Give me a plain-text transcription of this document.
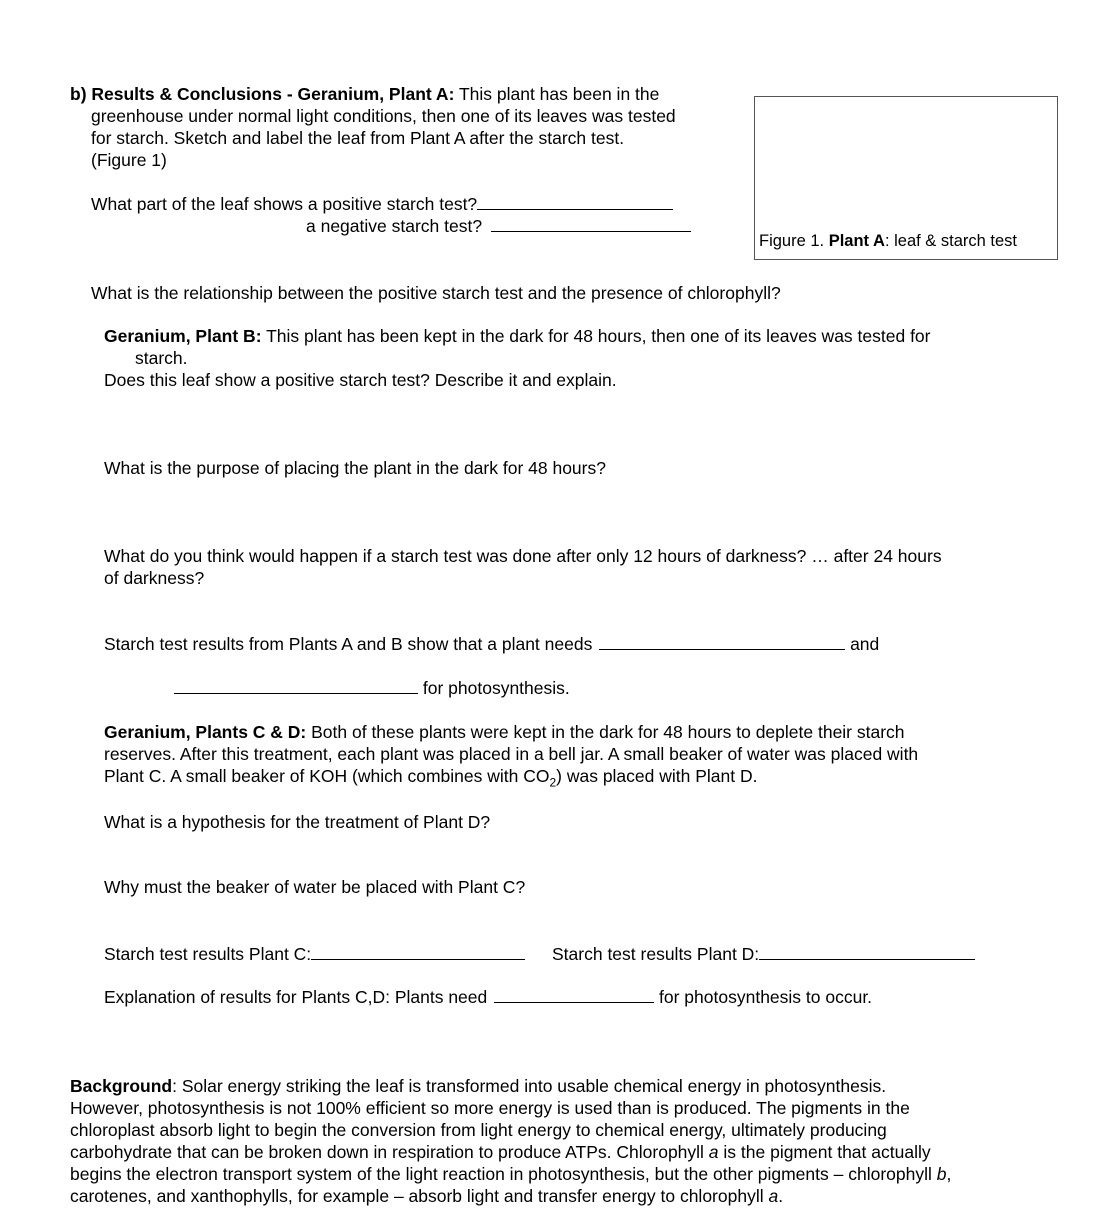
b) Results & Conclusions - Geranium, Plant A: This plant has been in the
greenhouse under normal light conditions, then one of its leaves was tested
for starch. Sketch and label the leaf from Plant A after the starch test.
(Figure 1)
What part of the leaf shows a positive starch test?
a negative starch test?
Figure 1. Plant A: leaf & starch test
What is the relationship between the positive starch test and the presence of chlorophyll?
Geranium, Plant B: This plant has been kept in the dark for 48 hours, then one of its leaves was tested for
starch.
Does this leaf show a positive starch test? Describe it and explain.
What is the purpose of placing the plant in the dark for 48 hours?
What do you think would happen if a starch test was done after only 12 hours of darkness? … after 24 hours
of darkness?
Starch test results from Plants A and B show that a plant needs	and
for photosynthesis.
Geranium, Plants C & D: Both of these plants were kept in the dark for 48 hours to deplete their starch
reserves. After this treatment, each plant was placed in a bell jar. A small beaker of water was placed with
Plant C. A small beaker of KOH (which combines with $CO_2$) was placed with Plant D.
What is a hypothesis for the treatment of Plant D?
Why must the beaker of water be placed with Plant C?
Starch test results Plant C:	Starch test results Plant D:
Explanation of results for Plants C,D: Plants need	for photosynthesis to occur.
Background: Solar energy striking the leaf is transformed into usable chemical energy in photosynthesis.
However, photosynthesis is not 100% efficient so more energy is used than is produced. The pigments in the
chloroplast absorb light to begin the conversion from light energy to chemical energy, ultimately producing
carbohydrate that can be broken down in respiration to produce ATPs. Chlorophyll a is the pigment that actually
begins the electron transport system of the light reaction in photosynthesis, but the other pigments – chlorophyll b,
carotenes, and xanthophylls, for example – absorb light and transfer energy to chlorophyll a.
